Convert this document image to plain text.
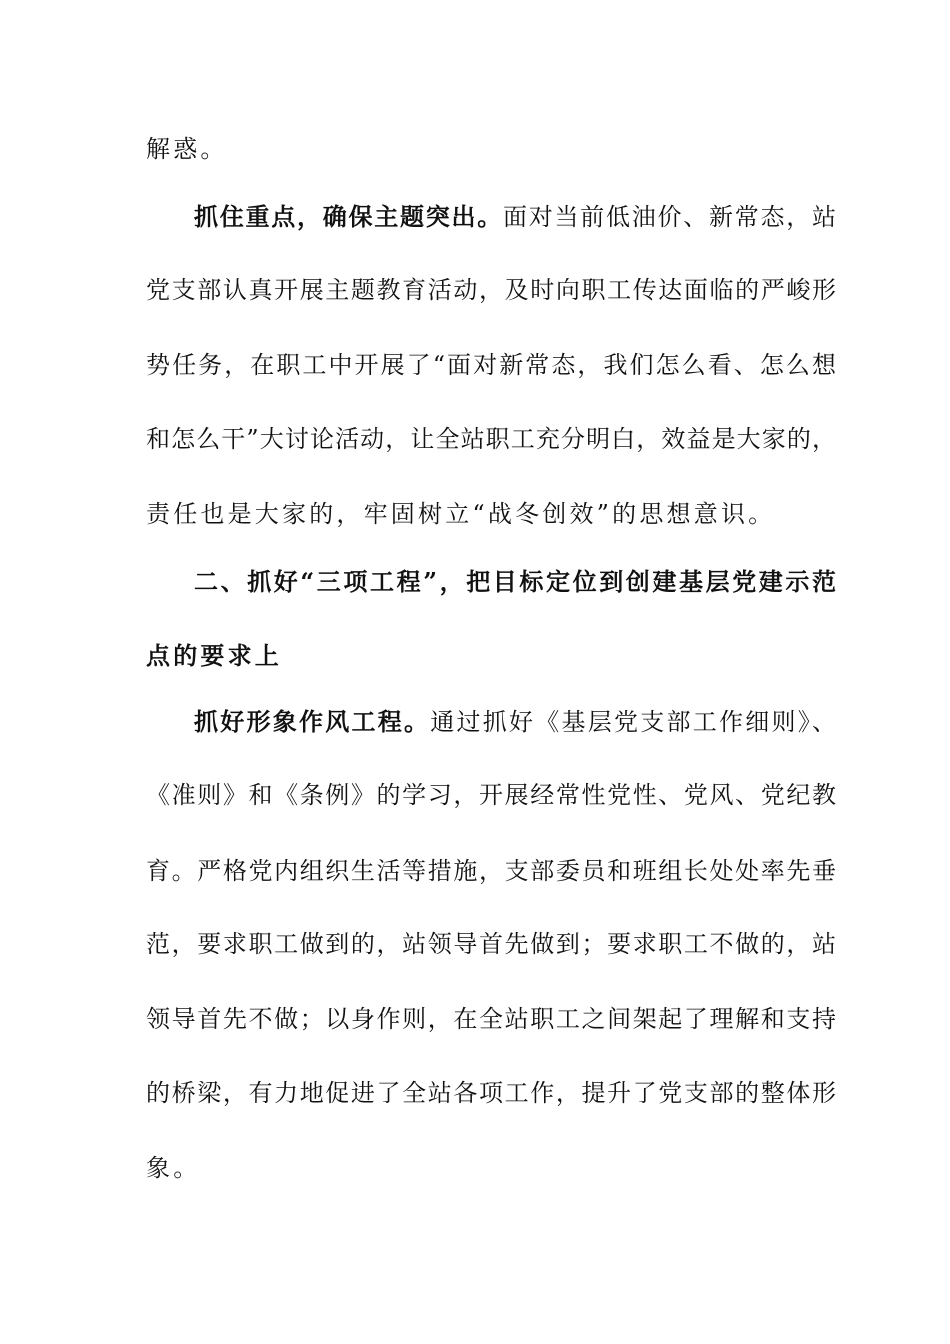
解惑。
抓住重点，确保主题突出。面对当前低油价、新常态，站
党支部认真开展主题教育活动，及时向职工传达面临的严峻形
势任务，在职工中开展了“面对新常态，我们怎么看、怎么想
和怎么干”大讨论活动，让全站职工充分明白，效益是大家的，
责任也是大家的，牢固树立“战冬创效”的思想意识。
二、抓好“三项工程”，把目标定位到创建基层党建示范
点的要求上
抓好形象作风工程。通过抓好《基层党支部工作细则》、
《准则》和《条例》的学习，开展经常性党性、党风、党纪教
育。严格党内组织生活等措施，支部委员和班组长处处率先垂
范，要求职工做到的，站领导首先做到；要求职工不做的，站
领导首先不做；以身作则，在全站职工之间架起了理解和支持
的桥梁，有力地促进了全站各项工作，提升了党支部的整体形
象。
